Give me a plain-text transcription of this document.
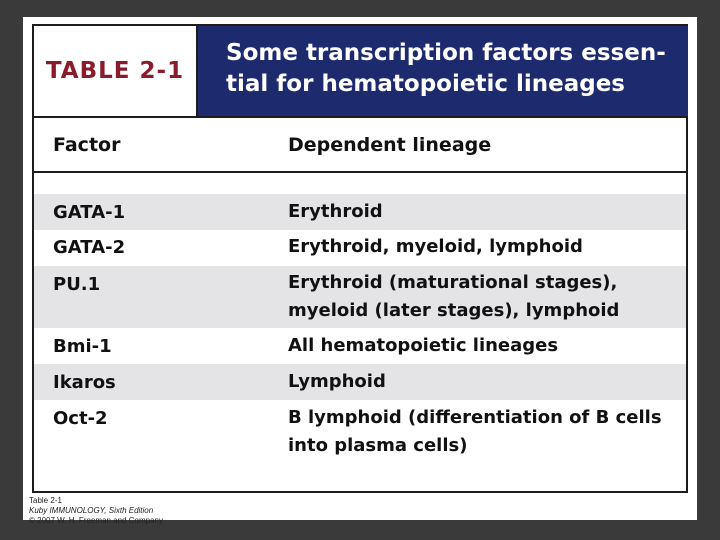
TABLE 2-1
Some transcription factors essen-
tial for hematopoietic lineages
Factor	Dependent lineage
GATA-1	Erythroid
GATA-2	Erythroid, myeloid, lymphoid
PU.1	Erythroid (maturational stages),
myeloid (later stages), lymphoid
Bmi-1	All hematopoietic lineages
Ikaros	Lymphoid
Oct-2	B lymphoid (differentiation of B cells
into plasma cells)
Table 2-1
Kuby IMMUNOLOGY, Sixth Edition
© 2007 W. H. Freeman and Company
